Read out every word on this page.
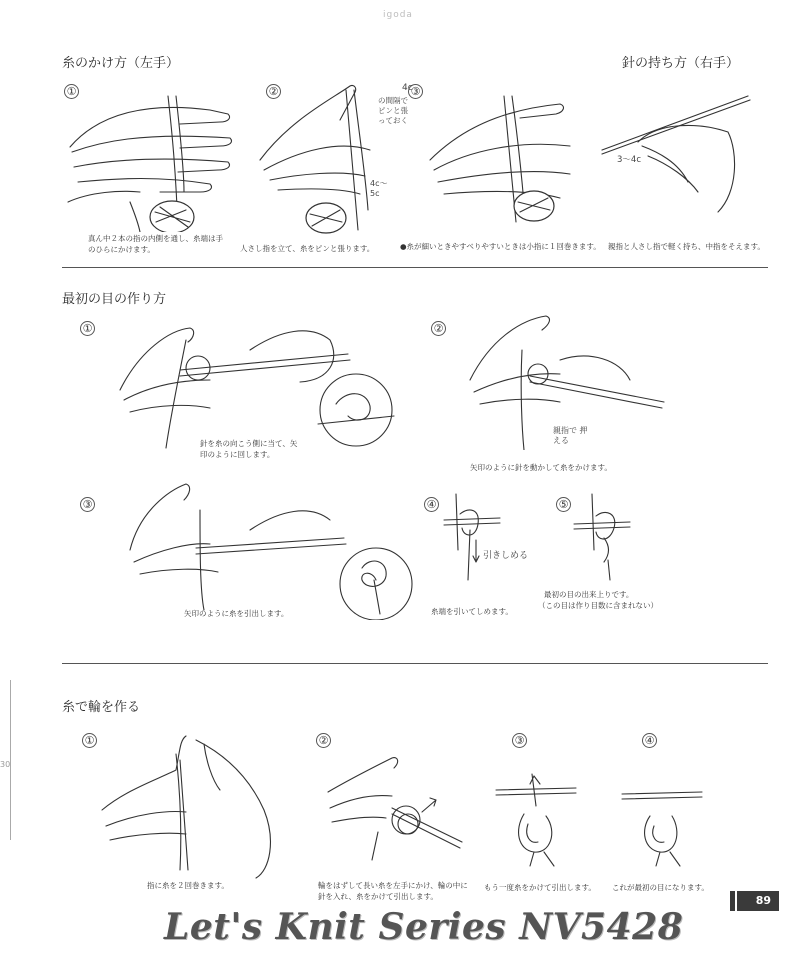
igoda
糸のかけ方（左手）	針の持ち方（右手）
①	②	③
4c
の間隔で ピンと張っておく
4c〜5c
3〜4c
真ん中２本の指の内側を通し、糸端は手のひらにかけます。	人さし指を立て、糸をピンと張ります。	●糸が細いときやすべりやすいときは小指に１回巻きます。 親指と人さし指で軽く持ち、中指をそえます。
最初の目の作り方
①	②
③	④	⑤
針を糸の向こう側に当て、矢印のように回します。
親指で 押える
矢印のように針を動かして糸をかけます。
矢印のように糸を引出します。
引きしめる
糸端を引いてしめます。
最初の目の出来上りです。
（この目は作り目数に含まれない）
糸で輪を作る
①	②	③	④
指に糸を２回巻きます。	輪をはずして長い糸を左手にかけ、輪の中に針を入れ、糸をかけて引出します。
もう一度糸をかけて引出します。 これが最初の目になります。
30
89
Let's Knit Series NV5428
